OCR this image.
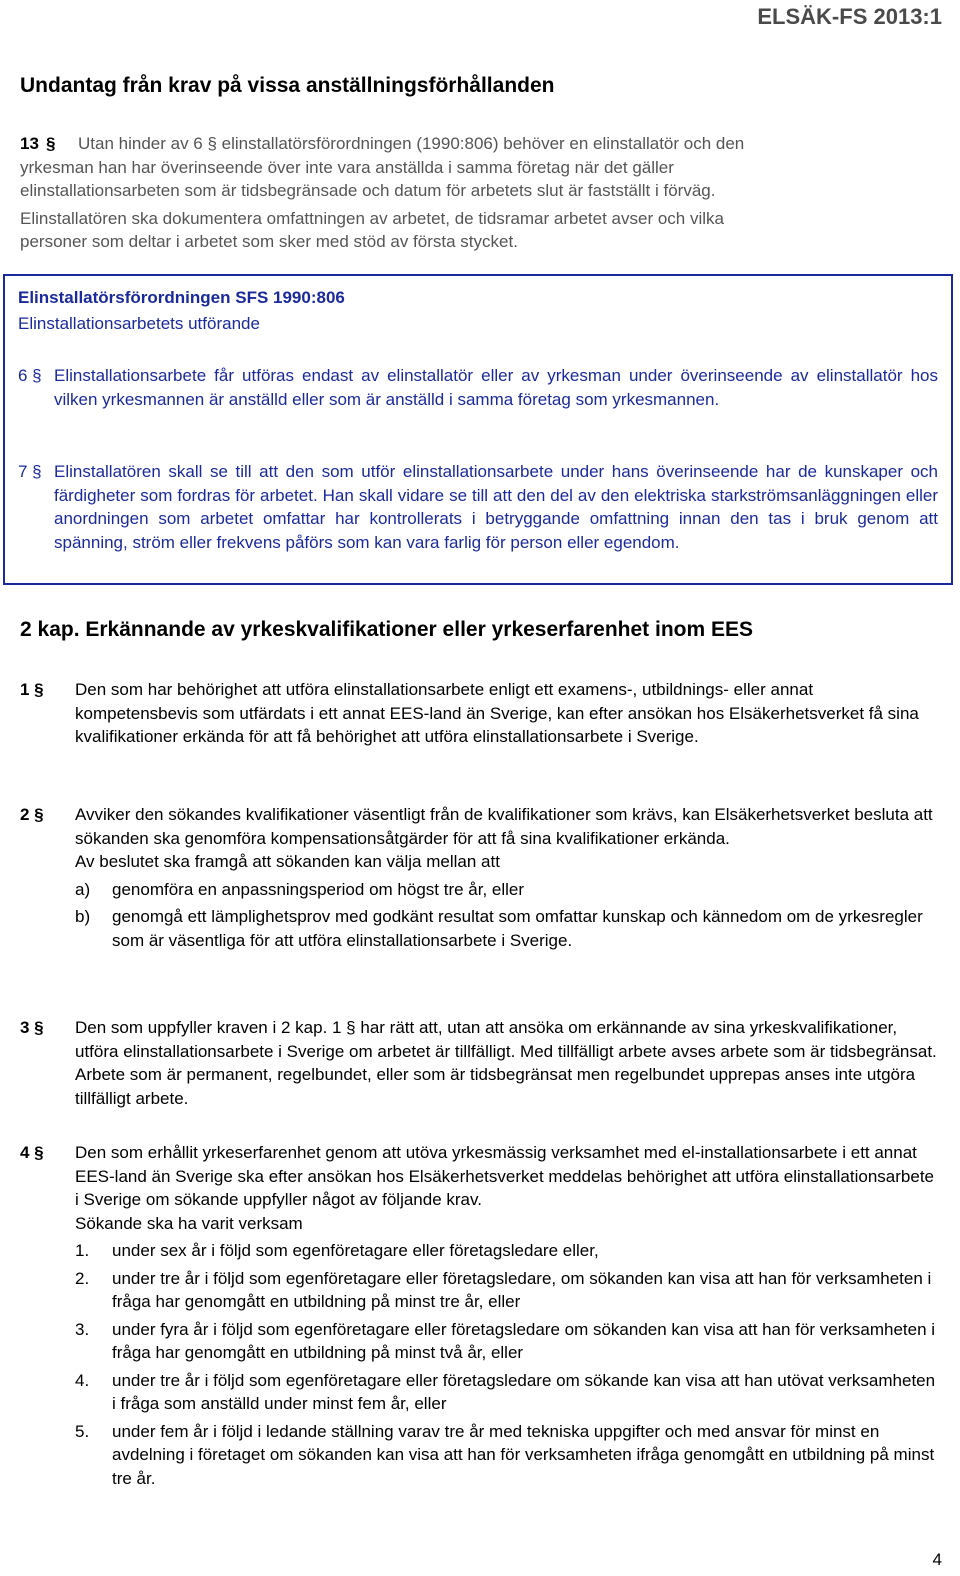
ELSÄK-FS 2013:1
Undantag från krav på vissa anställningsförhållanden
13 § Utan hinder av 6 § elinstallatörsförordningen (1990:806) behöver en elinstallatör och den
yrkesman han har överinseende över inte vara anställda i samma företag när det gäller
elinstallationsarbeten som är tidsbegränsade och datum för arbetets slut är fastställt i förväg.
Elinstallatören ska dokumentera omfattningen av arbetet, de tidsramar arbetet avser och vilka
personer som deltar i arbetet som sker med stöd av första stycket.
Elinstallatörsförordningen SFS 1990:806
Elinstallationsarbetets utförande
6 § Elinstallationsarbete får utföras endast av elinstallatör eller av yrkesman under överinseende av elinstallatör hos vilken yrkesmannen är anställd eller som är anställd i samma företag som yrkesmannen.
7 § Elinstallatören skall se till att den som utför elinstallationsarbete under hans överinseende har de kunskaper och färdigheter som fordras för arbetet. Han skall vidare se till att den del av den elektriska starkströmsanläggningen eller anordningen som arbetet omfattar har kontrollerats i betryggande omfattning innan den tas i bruk genom att spänning, ström eller frekvens påförs som kan vara farlig för person eller egendom.
2 kap. Erkännande av yrkeskvalifikationer eller yrkeserfarenhet inom EES
1 § Den som har behörighet att utföra elinstallationsarbete enligt ett examens-, utbildnings- eller annat kompetensbevis som utfärdats i ett annat EES-land än Sverige, kan efter ansökan hos Elsäkerhetsverket få sina kvalifikationer erkända för att få behörighet att utföra elinstallationsarbete i Sverige.

2 § Avviker den sökandes kvalifikationer väsentligt från de kvalifikationer som krävs, kan Elsäkerhetsverket besluta att sökanden ska genomföra kompensationsåtgärder för att få sina kvalifikationer erkända.

Av beslutet ska framgå att sökanden kan välja mellan att

a) genomföra en anpassningsperiod om högst tre år, eller
b) genomgå ett lämplighetsprov med godkänt resultat som omfattar kunskap och kännedom om de yrkesregler som är väsentliga för att utföra elinstallationsarbete i Sverige.
3 § Den som uppfyller kraven i 2 kap. 1 § har rätt att, utan att ansöka om erkännande av sina yrkeskvalifikationer, utföra elinstallationsarbete i Sverige om arbetet är tillfälligt. Med tillfälligt arbete avses arbete som är tidsbegränsat. Arbete som är permanent, regelbundet, eller som är tidsbegränsat men regelbundet upprepas anses inte utgöra tillfälligt arbete.

4 § Den som erhållit yrkeserfarenhet genom att utöva yrkesmässig verksamhet med el-installationsarbete i ett annat EES-land än Sverige ska efter ansökan hos Elsäkerhetsverket meddelas behörighet att utföra elinstallationsarbete i Sverige om sökande uppfyller något av följande krav.

Sökande ska ha varit verksam

1. under sex år i följd som egenföretagare eller företagsledare eller,
2. under tre år i följd som egenföretagare eller företagsledare, om sökanden kan visa att han för verksamheten i fråga har genomgått en utbildning på minst tre år, eller
3. under fyra år i följd som egenföretagare eller företagsledare om sökanden kan visa att han för verksamheten i fråga har genomgått en utbildning på minst två år, eller
4. under tre år i följd som egenföretagare eller företagsledare om sökande kan visa att han utövat verksamheten i fråga som anställd under minst fem år, eller
5. under fem år i följd i ledande ställning varav tre år med tekniska uppgifter och med ansvar för minst en avdelning i företaget om sökanden kan visa att han för verksamheten ifråga genomgått en utbildning på minst tre år.
4
